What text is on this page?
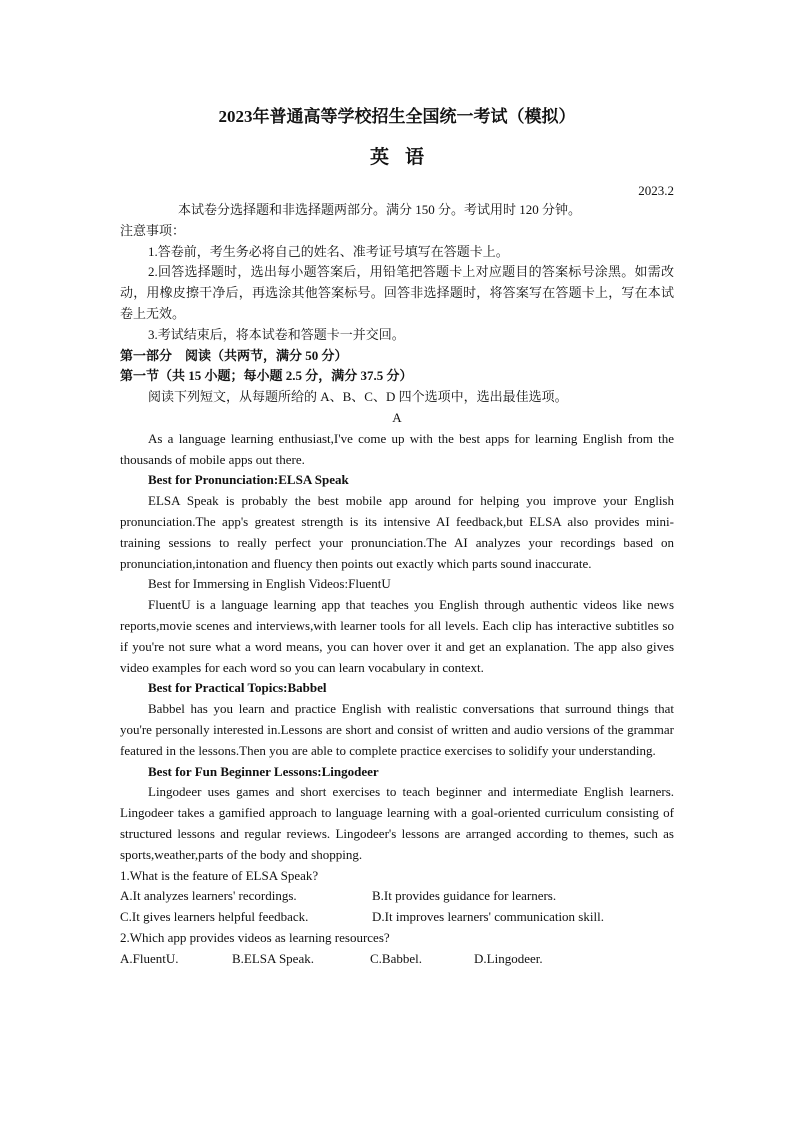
2023年普通高等学校招生全国统一考试（模拟）
英语
2023.2

本试卷分选择题和非选择题两部分。满分 150 分。考试用时 120 分钟。

注意事项：

1.答卷前，考生务必将自己的姓名、准考证号填写在答题卡上。

2.回答选择题时，选出每小题答案后，用铅笔把答题卡上对应题目的答案标号涂黑。如需改动，用橡皮擦干净后，再选涂其他答案标号。回答非选择题时，将答案写在答题卡上，写在本试卷上无效。

3.考试结束后，将本试卷和答题卡一并交回。

第一部分　阅读（共两节，满分 50 分）

第一节（共 15 小题；每小题 2.5 分，满分 37.5 分）

阅读下列短文，从每题所给的 A、B、C、D 四个选项中，选出最佳选项。

A

As a language learning enthusiast,I've come up with the best apps for learning English from the thousands of mobile apps out there.

Best for Pronunciation:ELSA Speak

ELSA Speak is probably the best mobile app around for helping you improve your English pronunciation.The app's greatest strength is its intensive AI feedback,but ELSA also provides mini-training sessions to really perfect your pronunciation.The AI analyzes your recordings based on pronunciation,intonation and fluency then points out exactly which parts sound inaccurate.

Best for Immersing in English Videos:FluentU

FluentU is a language learning app that teaches you English through authentic videos like news reports,movie scenes and interviews,with learner tools for all levels. Each clip has interactive subtitles so if you're not sure what a word means, you can hover over it and get an explanation. The app also gives video examples for each word so you can learn vocabulary in context.

Best for Practical Topics:Babbel

Babbel has you learn and practice English with realistic conversations that surround things that you're personally interested in.Lessons are short and consist of written and audio versions of the grammar featured in the lessons.Then you are able to complete practice exercises to solidify your understanding.

Best for Fun Beginner Lessons:Lingodeer

Lingodeer uses games and short exercises to teach beginner and intermediate English learners. Lingodeer takes a gamified approach to language learning with a goal-oriented curriculum consisting of structured lessons and regular reviews. Lingodeer's lessons are arranged according to themes, such as sports,weather,parts of the body and shopping.

1.What is the feature of ELSA Speak?

A.It analyzes learners' recordings.	B.It provides guidance for learners.
C.It gives learners helpful feedback.	D.It improves learners' communication skill.

2.Which app provides videos as learning resources?

A.FluentU.	B.ELSA Speak.	C.Babbel.	D.Lingodeer.
